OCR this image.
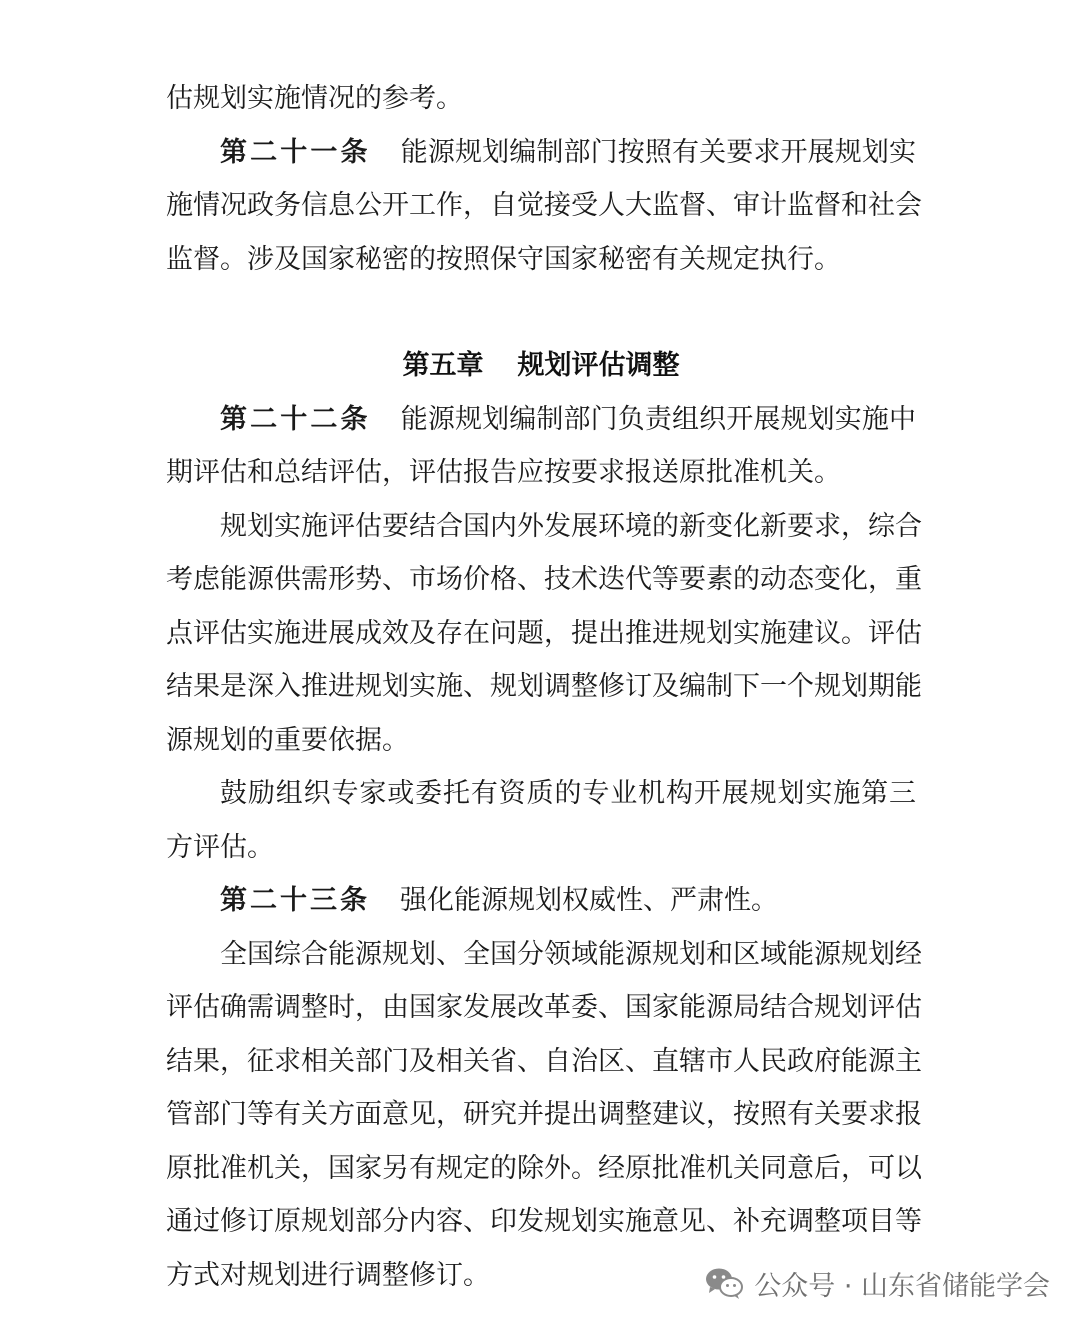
估规划实施情况的参考。
第二十一条 能源规划编制部门按照有关要求开展规划实
施情况政务信息公开工作，自觉接受人大监督、审计监督和社会
监督。涉及国家秘密的按照保守国家秘密有关规定执行。
第五章 规划评估调整
第二十二条 能源规划编制部门负责组织开展规划实施中
期评估和总结评估，评估报告应按要求报送原批准机关。
规划实施评估要结合国内外发展环境的新变化新要求，综合
考虑能源供需形势、市场价格、技术迭代等要素的动态变化，重
点评估实施进展成效及存在问题，提出推进规划实施建议。评估
结果是深入推进规划实施、规划调整修订及编制下一个规划期能
源规划的重要依据。
鼓励组织专家或委托有资质的专业机构开展规划实施第三
方评估。
第二十三条 强化能源规划权威性、严肃性。
全国综合能源规划、全国分领域能源规划和区域能源规划经
评估确需调整时，由国家发展改革委、国家能源局结合规划评估
结果，征求相关部门及相关省、自治区、直辖市人民政府能源主
管部门等有关方面意见，研究并提出调整建议，按照有关要求报
原批准机关，国家另有规定的除外。经原批准机关同意后，可以
通过修订原规划部分内容、印发规划实施意见、补充调整项目等
方式对规划进行调整修订。	公众号 · 山东省储能学会
